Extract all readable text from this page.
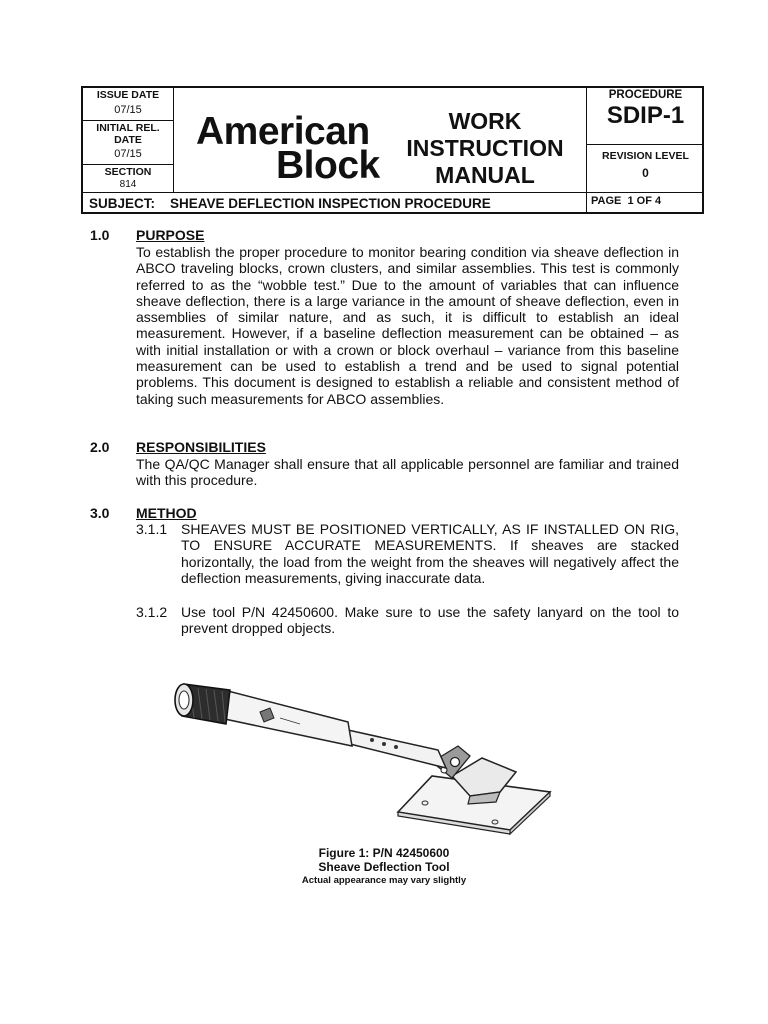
ISSUE DATE
07/15
INITIAL REL.
DATE
07/15
SECTION
814
American
Block
WORK
INSTRUCTION
MANUAL
PROCEDURE
SDIP-1
REVISION LEVEL
0
SUBJECT:    SHEAVE DEFLECTION INSPECTION PROCEDURE	PAGE  1 OF 4
1.0 PURPOSE
To establish the proper procedure to monitor bearing condition via sheave deflection in ABCO traveling blocks, crown clusters, and similar assemblies. This test is commonly referred to as the “wobble test.” Due to the amount of variables that can influence sheave deflection, there is a large variance in the amount of sheave deflection, even in assemblies of similar nature, and as such, it is difficult to establish an ideal measurement. However, if a baseline deflection measurement can be obtained – as with initial installation or with a crown or block overhaul – variance from this baseline measurement can be used to establish a trend and be used to signal potential problems. This document is designed to establish a reliable and consistent method of taking such measurements for ABCO assemblies.
2.0 RESPONSIBILITIES
The QA/QC Manager shall ensure that all applicable personnel are familiar and trained with this procedure.
3.0 METHOD
3.1.1 SHEAVES MUST BE POSITIONED VERTICALLY, AS IF INSTALLED ON RIG, TO ENSURE ACCURATE MEASUREMENTS. If sheaves are stacked horizontally, the load from the weight from the sheaves will negatively affect the deflection measurements, giving inaccurate data.
3.1.2 Use tool P/N 42450600. Make sure to use the safety lanyard on the tool to prevent dropped objects.
Figure 1: P/N 42450600
Sheave Deflection Tool
Actual appearance may vary slightly
